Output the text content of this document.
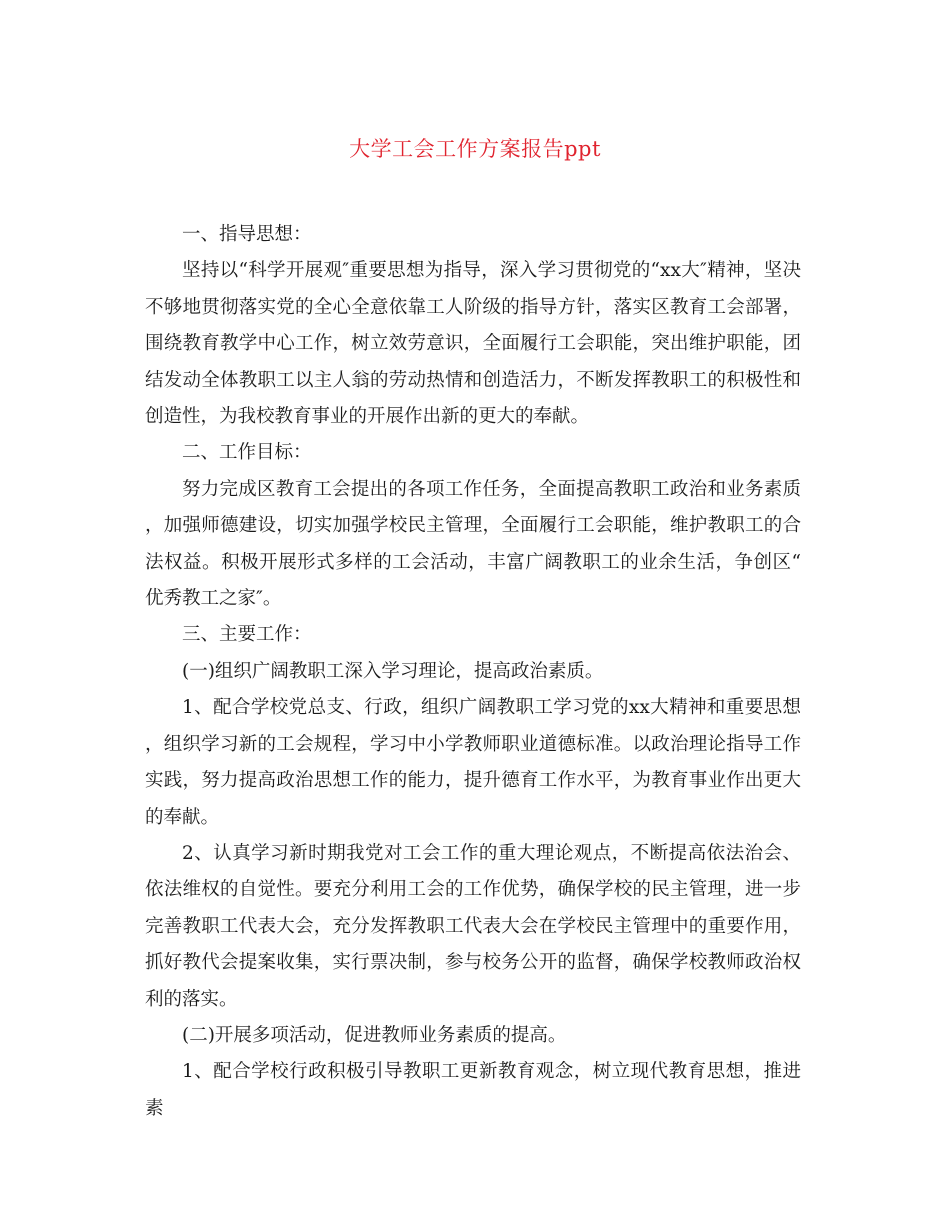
大学工会工作方案报告ppt

一、指导思想：

坚持以“科学开展观″重要思想为指导，深入学习贯彻党的“xx大″精神，坚决不够地贯彻落实党的全心全意依靠工人阶级的指导方针，落实区教育工会部署，围绕教育教学中心工作，树立效劳意识，全面履行工会职能，突出维护职能，团结发动全体教职工以主人翁的劳动热情和创造活力，不断发挥教职工的积极性和创造性，为我校教育事业的开展作出新的更大的奉献。

二、工作目标：

努力完成区教育工会提出的各项工作任务，全面提高教职工政治和业务素质，加强师德建设，切实加强学校民主管理，全面履行工会职能，维护教职工的合法权益。积极开展形式多样的工会活动，丰富广阔教职工的业余生活，争创区“优秀教工之家″。

三、主要工作：

(一)组织广阔教职工深入学习理论，提高政治素质。

1、配合学校党总支、行政，组织广阔教职工学习党的xx大精神和重要思想，组织学习新的工会规程，学习中小学教师职业道德标准。以政治理论指导工作实践，努力提高政治思想工作的能力，提升德育工作水平，为教育事业作出更大的奉献。

2、认真学习新时期我党对工会工作的重大理论观点，不断提高依法治会、依法维权的自觉性。要充分利用工会的工作优势，确保学校的民主管理，进一步完善教职工代表大会，充分发挥教职工代表大会在学校民主管理中的重要作用，抓好教代会提案收集，实行票决制，参与校务公开的监督，确保学校教师政治权利的落实。

(二)开展多项活动，促进教师业务素质的提高。

1、配合学校行政积极引导教职工更新教育观念，树立现代教育思想，推进素
